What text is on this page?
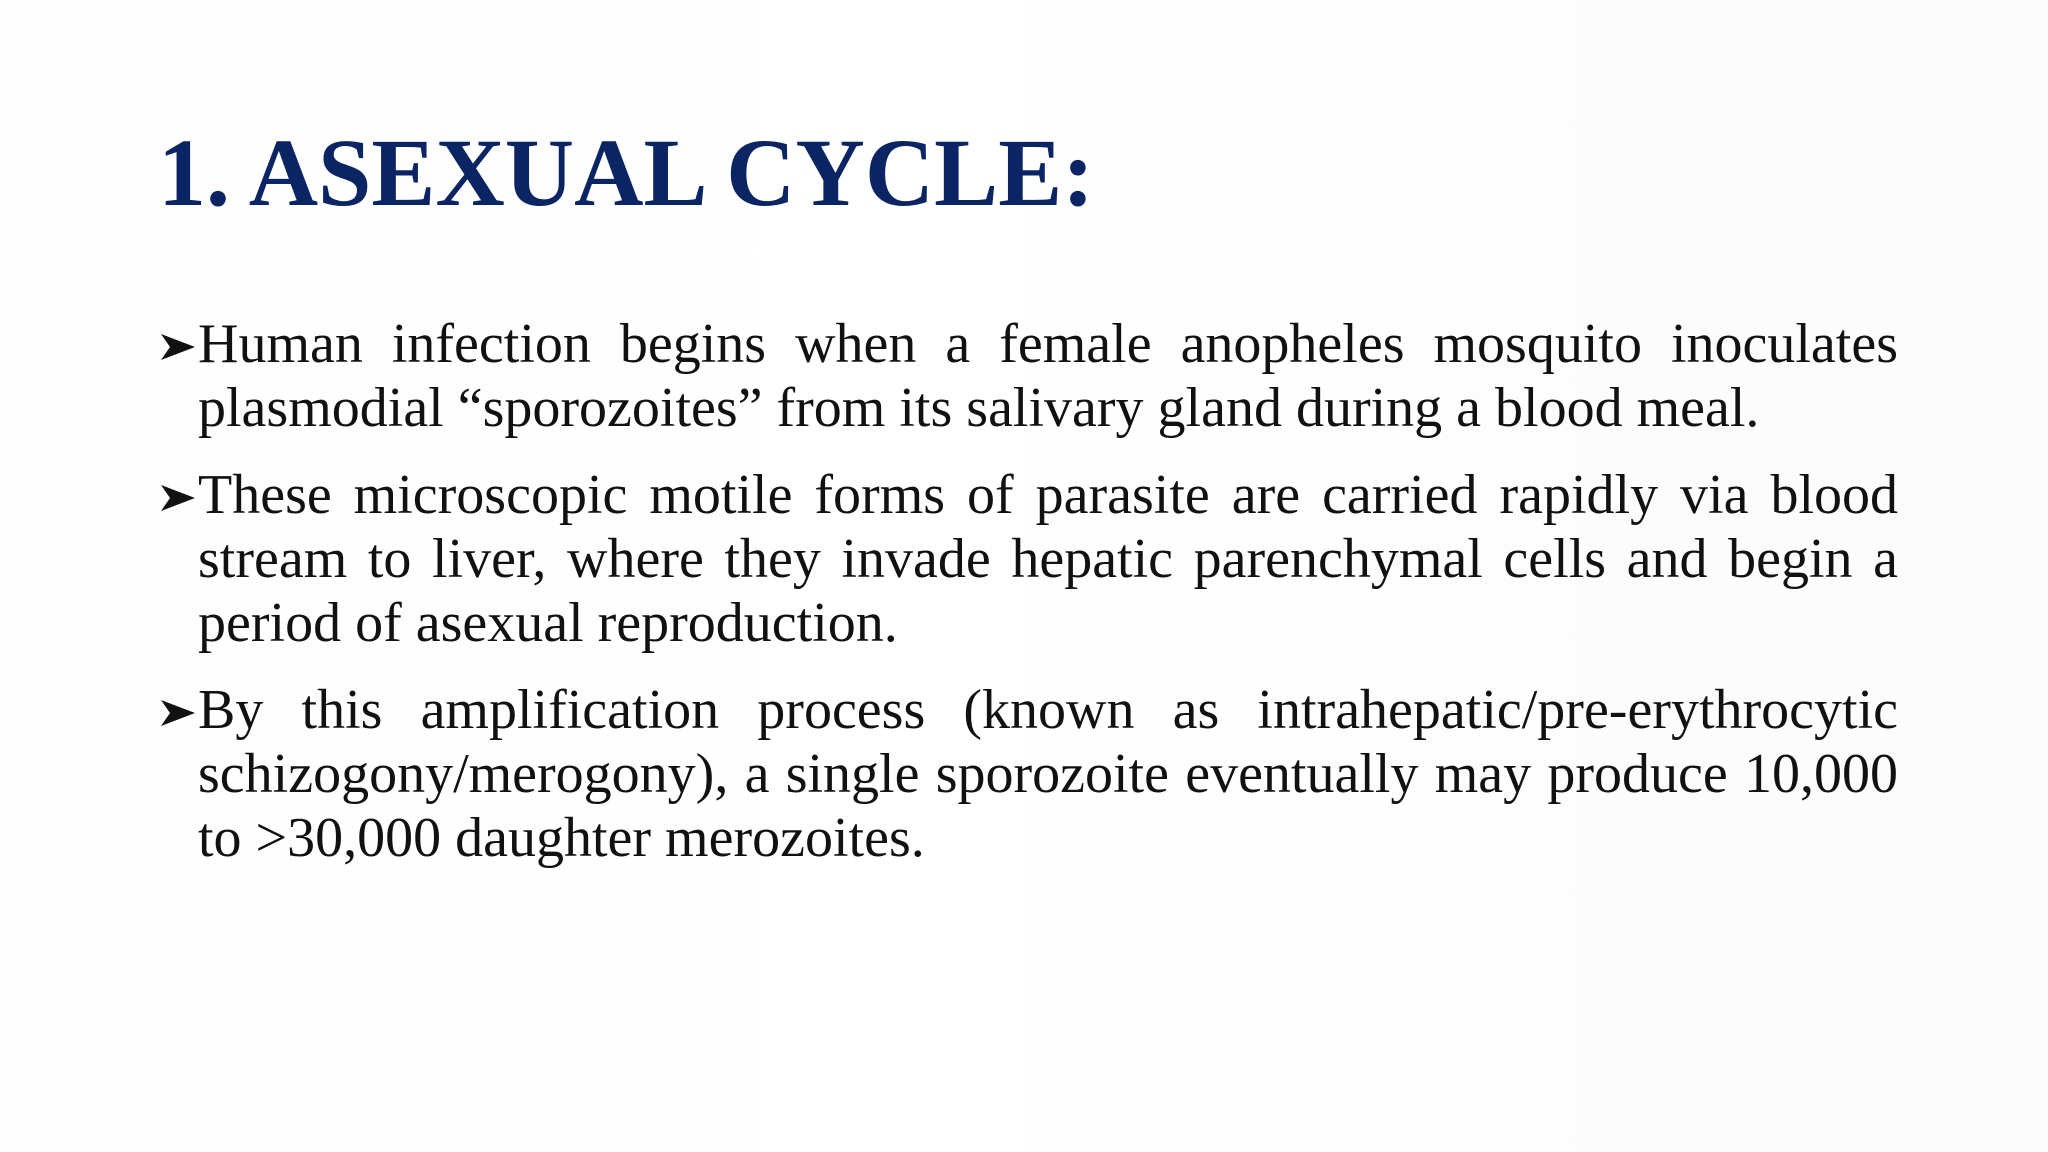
1. ASEXUAL CYCLE:
Human infection begins when a female anopheles mosquito inoculates plasmodial “sporozoites” from its salivary gland during a blood meal.
These microscopic motile forms of parasite are carried rapidly via blood stream to liver, where they invade hepatic parenchymal cells and begin a period of asexual reproduction.
By this amplification process (known as intrahepatic/pre-erythrocytic schizogony/merogony), a single sporozoite eventually may produce 10,000 to >30,000 daughter merozoites.
